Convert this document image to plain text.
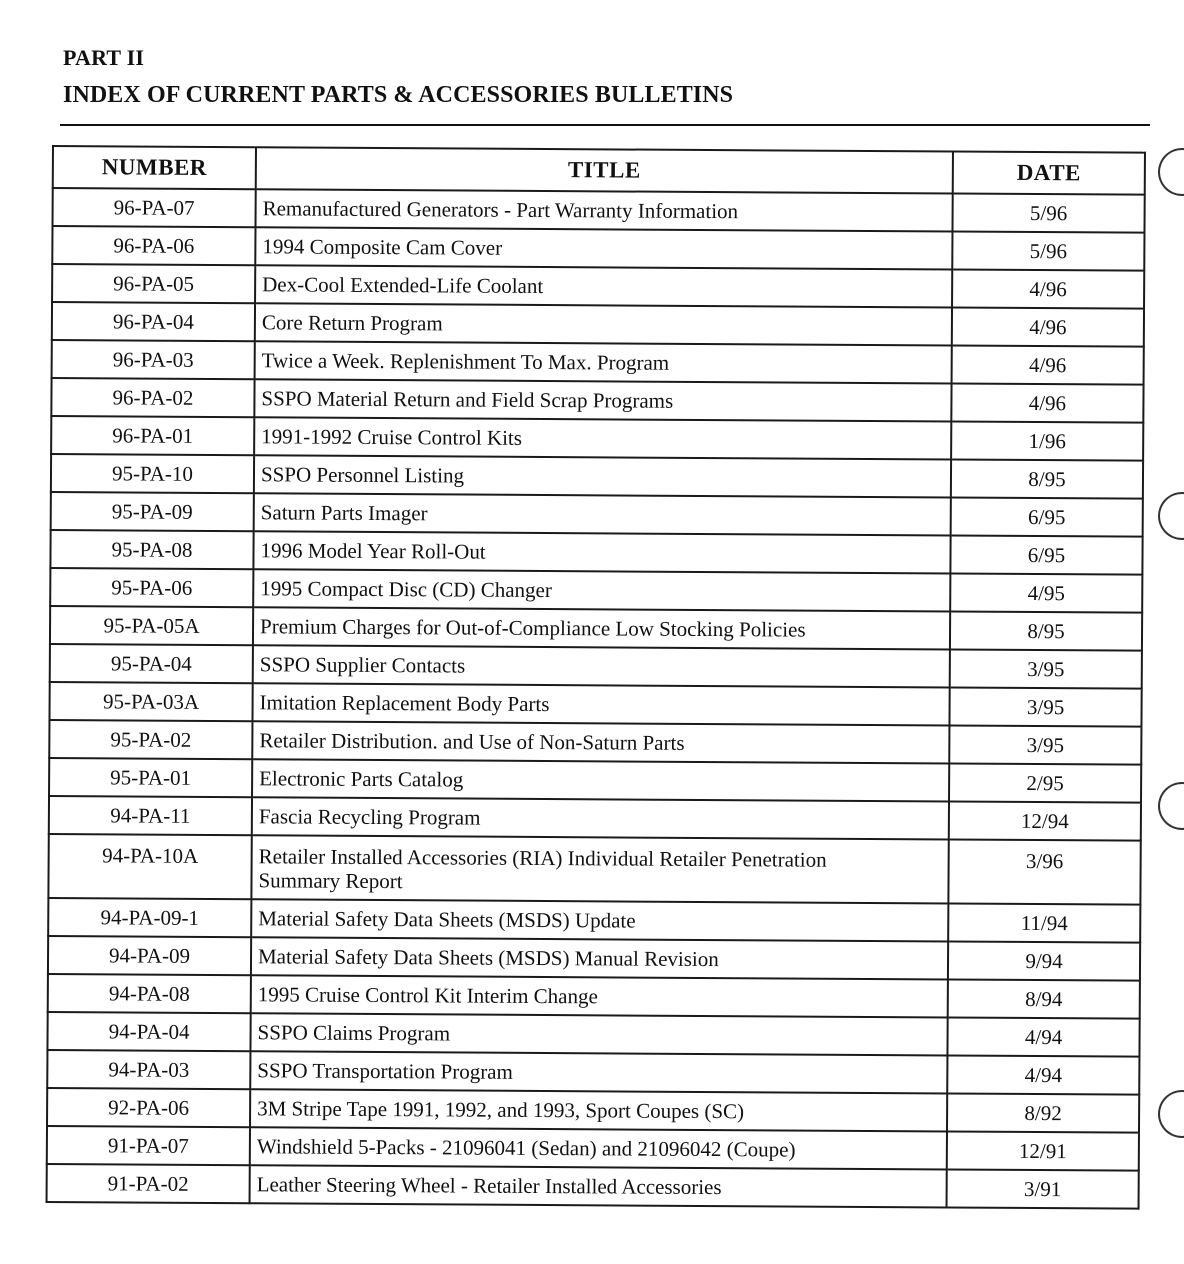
PART II
INDEX OF CURRENT PARTS & ACCESSORIES BULLETINS
NUMBER	TITLE	DATE
96-PA-07	Remanufactured Generators - Part Warranty Information	5/96
96-PA-06	1994 Composite Cam Cover	5/96
96-PA-05	Dex-Cool Extended-Life Coolant	4/96
96-PA-04	Core Return Program	4/96
96-PA-03	Twice a Week. Replenishment To Max. Program	4/96
96-PA-02	SSPO Material Return and Field Scrap Programs	4/96
96-PA-01	1991-1992 Cruise Control Kits	1/96
95-PA-10	SSPO Personnel Listing	8/95
95-PA-09	Saturn Parts Imager	6/95
95-PA-08	1996 Model Year Roll-Out	6/95
95-PA-06	1995 Compact Disc (CD) Changer	4/95
95-PA-05A	Premium Charges for Out-of-Compliance Low Stocking Policies	8/95
95-PA-04	SSPO Supplier Contacts	3/95
95-PA-03A	Imitation Replacement Body Parts	3/95
95-PA-02	Retailer Distribution. and Use of Non-Saturn Parts	3/95
95-PA-01	Electronic Parts Catalog	2/95
94-PA-11	Fascia Recycling Program	12/94
94-PA-10A	Retailer Installed Accessories (RIA) Individual Retailer Penetration
Summary Report	3/96
94-PA-09-1	Material Safety Data Sheets (MSDS) Update	11/94
94-PA-09	Material Safety Data Sheets (MSDS) Manual Revision	9/94
94-PA-08	1995 Cruise Control Kit Interim Change	8/94
94-PA-04	SSPO Claims Program	4/94
94-PA-03	SSPO Transportation Program	4/94
92-PA-06	3M Stripe Tape 1991, 1992, and 1993, Sport Coupes (SC)	8/92
91-PA-07	Windshield 5-Packs - 21096041 (Sedan) and 21096042 (Coupe)	12/91
91-PA-02	Leather Steering Wheel - Retailer Installed Accessories	3/91
